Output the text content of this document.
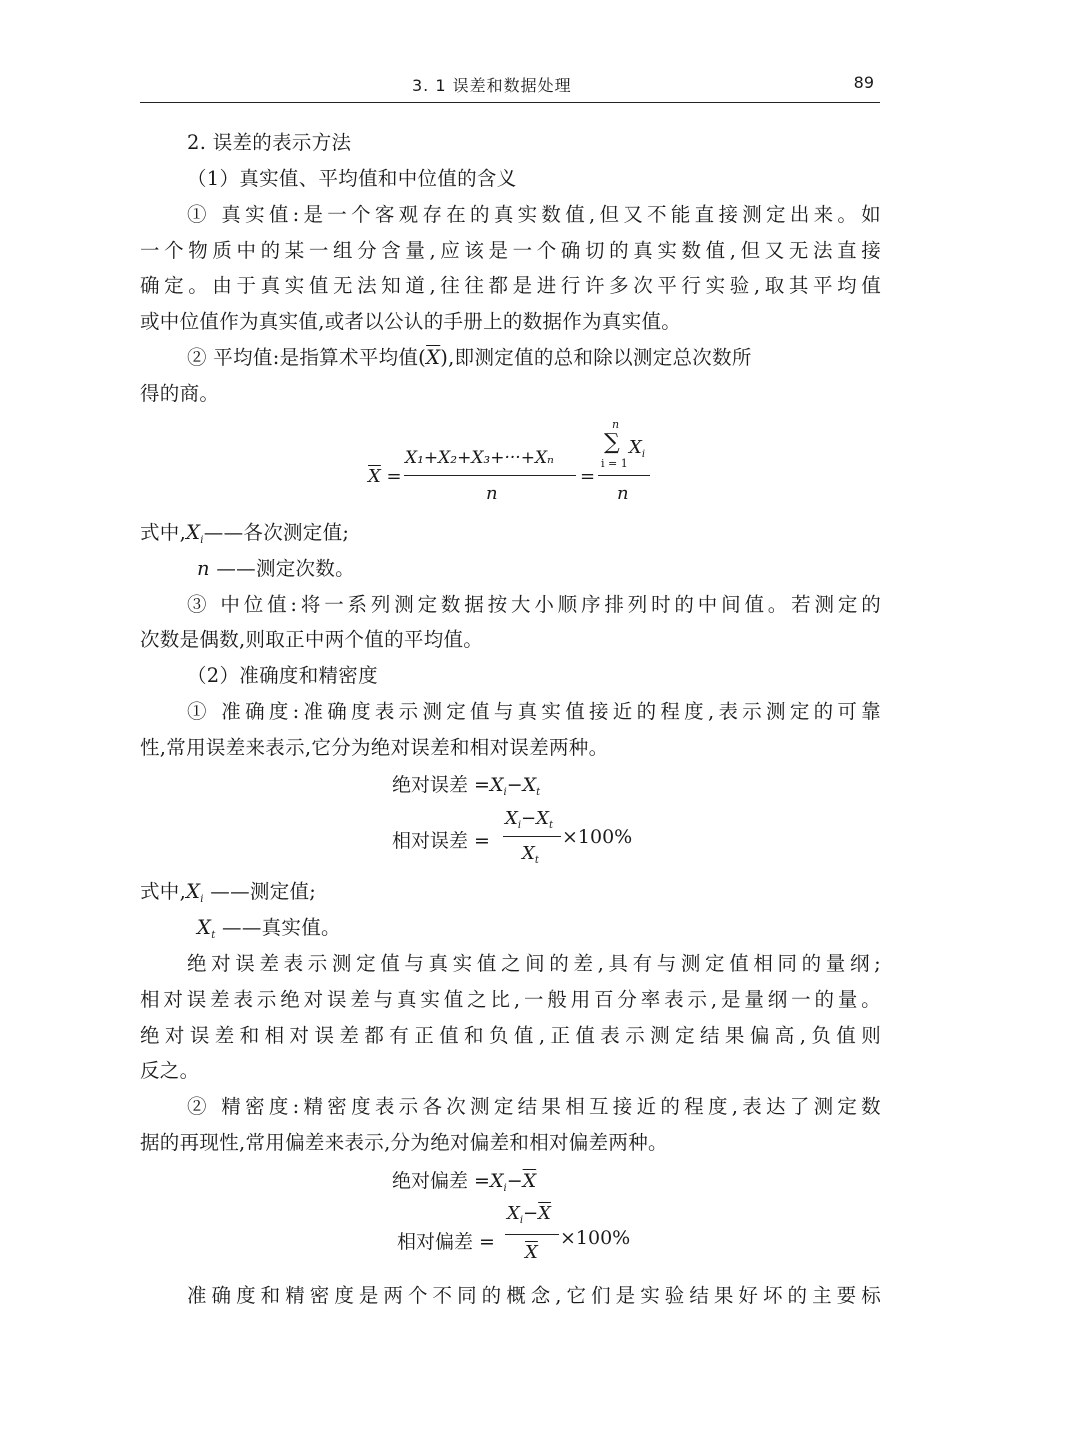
3. 1 误差和数据处理	89
2. 误差的表示方法
（1）真实值、平均值和中位值的含义
① 真实值:是一个客观存在的真实数值,但又不能直接测定出来。如
一个物质中的某一组分含量,应该是一个确切的真实数值,但又无法直接
确定。由于真实值无法知道,往往都是进行许多次平行实验,取其平均值
或中位值作为真实值,或者以公认的手册上的数据作为真实值。
② 平均值:是指算术平均值$(\overline{X})$,即测定值的总和除以测定总次数所
得的商。
$\overline{X}$ =
X₁+X₂+X₃+···+Xₙ
n
=
n
∑
i = 1
$X_i$
n
式中$,X_i——$各次测定值;
n ——测定次数。
③ 中位值:将一系列测定数据按大小顺序排列时的中间值。若测定的
次数是偶数,则取正中两个值的平均值。
（2）准确度和精密度
① 准确度:准确度表示测定值与真实值接近的程度,表示测定的可靠
性,常用误差来表示,它分为绝对误差和相对误差两种。
绝对误差 $=X_i-X_t$
相对误差 =
$X_i-X_t$
$X_t$
×100%
式中$,X_i$ ——测定值;
$X_t$ ——真实值。
绝对误差表示测定值与真实值之间的差,具有与测定值相同的量纲;
相对误差表示绝对误差与真实值之比,一般用百分率表示,是量纲一的量。
绝对误差和相对误差都有正值和负值,正值表示测定结果偏高,负值则
反之。
② 精密度:精密度表示各次测定结果相互接近的程度,表达了测定数
据的再现性,常用偏差来表示,分为绝对偏差和相对偏差两种。
绝对偏差 $=X_i-\overline{X}$
相对偏差 =
$X_i-\overline{X}$
$\overline{X}$
×100%
准确度和精密度是两个不同的概念,它们是实验结果好坏的主要标
